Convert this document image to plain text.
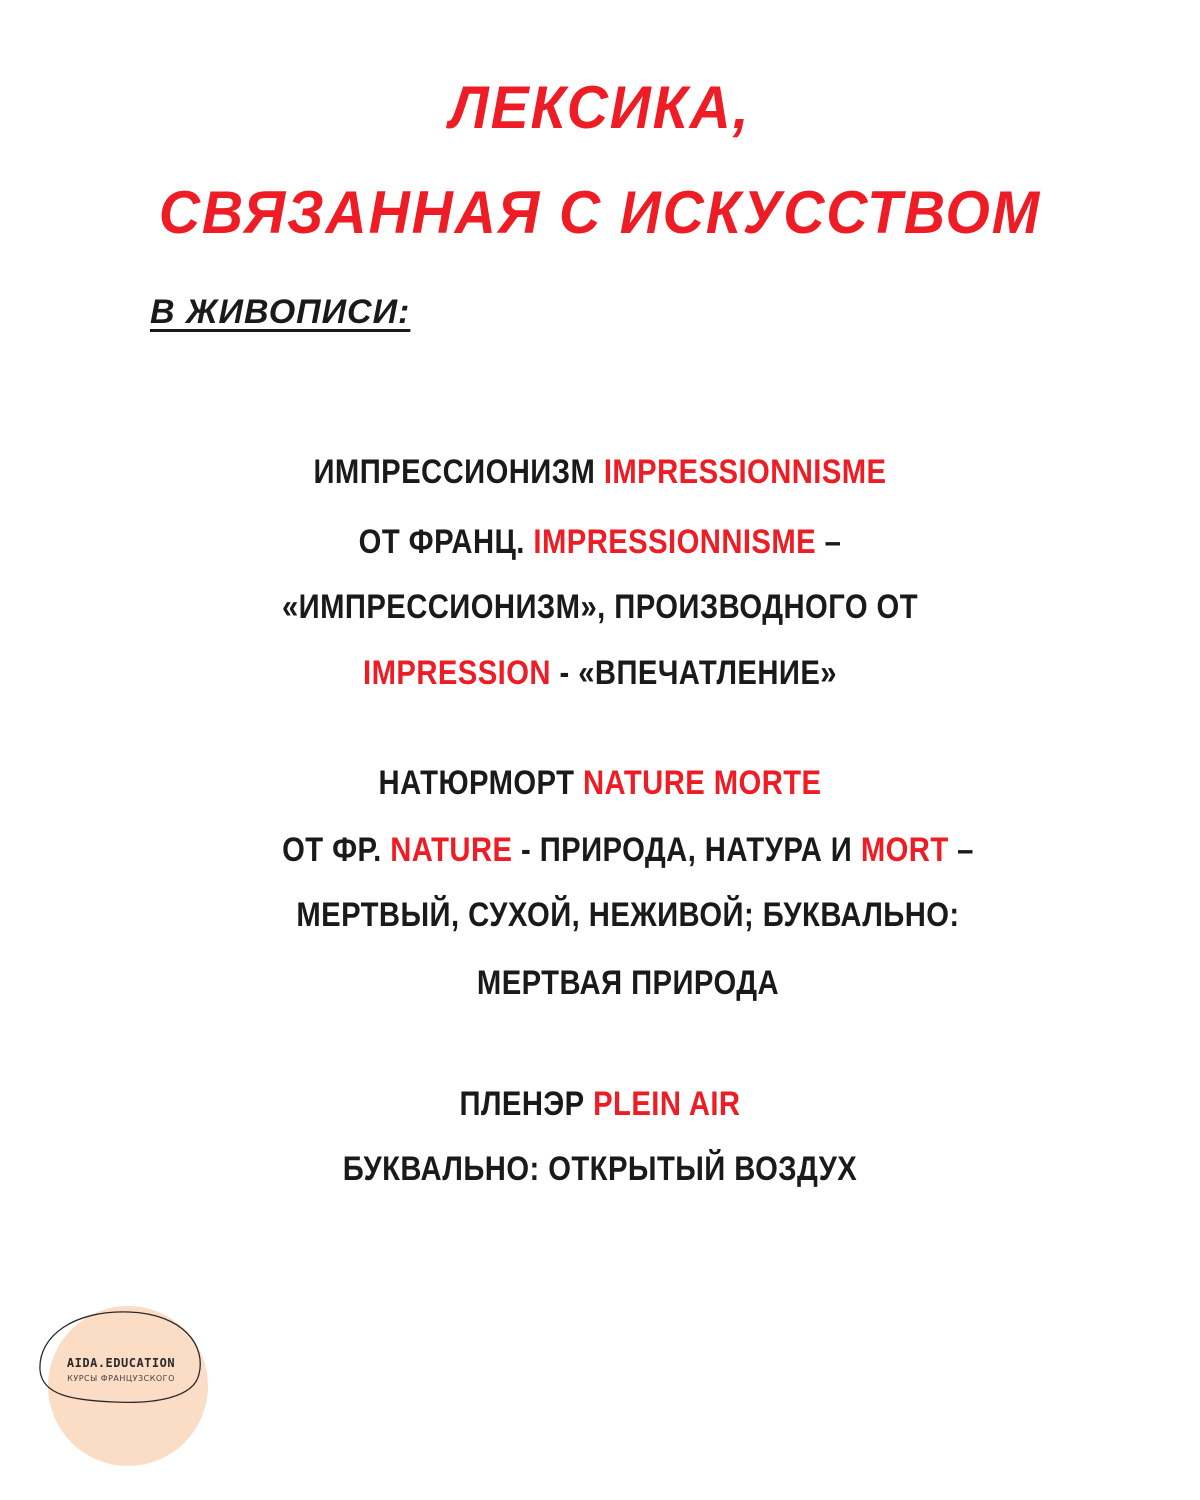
ЛЕКСИКА,
СВЯЗАННАЯ С ИСКУССТВОМ
В ЖИВОПИСИ:
ИМПРЕССИОНИЗМ IMPRESSIONNISME
ОТ ФРАНЦ. IMPRESSIONNISME –
«ИМПРЕССИОНИЗМ», ПРОИЗВОДНОГО ОТ
IMPRESSION - «ВПЕЧАТЛЕНИЕ»
НАТЮРМОРТ NATURE MORTE
ОТ ФР. NATURE - ПРИРОДА, НАТУРА И MORT –
МЕРТВЫЙ, СУХОЙ, НЕЖИВОЙ; БУКВАЛЬНО:
МЕРТВАЯ ПРИРОДА
ПЛЕНЭР PLEIN AIR
БУКВАЛЬНО: ОТКРЫТЫЙ ВОЗДУХ
AIDA.EDUCATION
КУРСЫ ФРАНЦУЗСКОГО
